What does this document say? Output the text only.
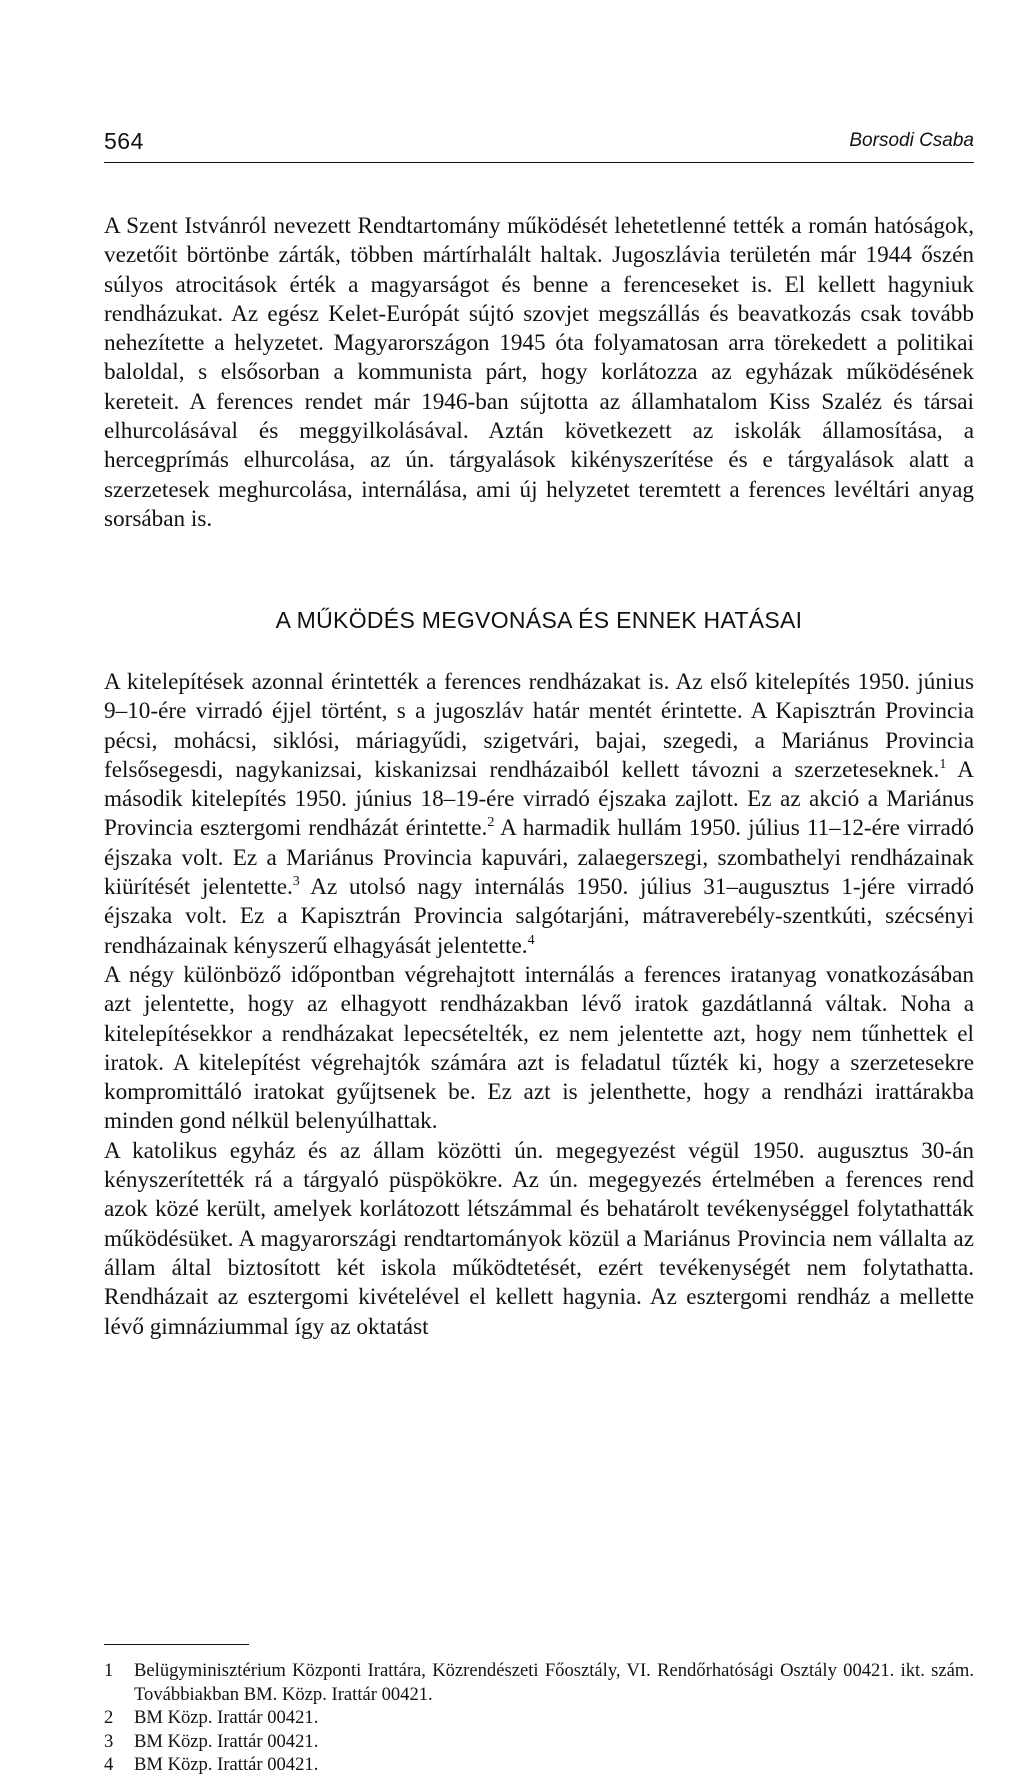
564	Borsodi Csaba

A Szent Istvánról nevezett Rendtartomány működését lehetetlenné tették a román hatóságok, vezetőit börtönbe zárták, többen mártírhalált haltak. Jugoszlávia területén már 1944 őszén súlyos atrocitások érték a magyarságot és benne a ferenceseket is. El kellett hagyniuk rendházukat. Az egész Kelet-Európát sújtó szovjet megszállás és beavatkozás csak tovább nehezítette a helyzetet. Magyarországon 1945 óta folyamatosan arra törekedett a politikai baloldal, s elsősorban a kommunista párt, hogy korlátozza az egyházak működésének kereteit. A ferences rendet már 1946-ban sújtotta az államhatalom Kiss Szaléz és társai elhurcolásával és meggyilkolásával. Aztán következett az iskolák államosítása, a hercegprímás elhurcolása, az ún. tárgyalások kikényszerítése és e tárgyalások alatt a szerzetesek meghurcolása, internálása, ami új helyzetet teremtett a ferences levéltári anyag sorsában is.

A MŰKÖDÉS MEGVONÁSA ÉS ENNEK HATÁSAI

A kitelepítések azonnal érintették a ferences rendházakat is. Az első kitelepítés 1950. június 9–10-ére virradó éjjel történt, s a jugoszláv határ mentét érintette. A Kapisztrán Provincia pécsi, mohácsi, siklósi, máriagyűdi, szigetvári, bajai, szegedi, a Mariánus Provincia felsősegesdi, nagykanizsai, kiskanizsai rendházaiból kellett távozni a szerzeteseknek.$^1$ A második kitelepítés 1950. június 18–19-ére virradó éjszaka zajlott. Ez az akció a Mariánus Provincia esztergomi rendházát érintette.$^2$ A harmadik hullám 1950. július 11–12-ére virradó éjszaka volt. Ez a Mariánus Provincia kapuvári, zalaegerszegi, szombathelyi rendházainak kiürítését jelentette.$^3$ Az utolsó nagy internálás 1950. július 31–augusztus 1-jére virradó éjszaka volt. Ez a Kapisztrán Provincia salgótarjáni, mátraverebély-szentkúti, szécsényi rendházainak kényszerű elhagyását jelentette.$^4$

A négy különböző időpontban végrehajtott internálás a ferences iratanyag vonatkozásában azt jelentette, hogy az elhagyott rendházakban lévő iratok gazdátlanná váltak. Noha a kitelepítésekkor a rendházakat lepecsételték, ez nem jelentette azt, hogy nem tűnhettek el iratok. A kitelepítést végrehajtók számára azt is feladatul tűzték ki, hogy a szerzetesekre kompromittáló iratokat gyűjtsenek be. Ez azt is jelenthette, hogy a rendházi irattárakba minden gond nélkül belenyúlhattak.

A katolikus egyház és az állam közötti ún. megegyezést végül 1950. augusztus 30-án kényszerítették rá a tárgyaló püspökökre. Az ún. megegyezés értelmében a ferences rend azok közé került, amelyek korlátozott létszámmal és behatárolt tevékenységgel folytathatták működésüket. A magyarországi rendtartományok közül a Mariánus Provincia nem vállalta az állam által biztosított két iskola működtetését, ezért tevékenységét nem folytathatta. Rendházait az esztergomi kivételével el kellett hagynia. Az esztergomi rendház a mellette lévő gimnáziummal így az oktatást

1 Belügyminisztérium Központi Irattára, Közrendészeti Főosztály, VI. Rendőrhatósági Osztály 00421. ikt. szám. Továbbiakban BM. Közp. Irattár 00421.
2 BM Közp. Irattár 00421.
3 BM Közp. Irattár 00421.
4 BM Közp. Irattár 00421.
